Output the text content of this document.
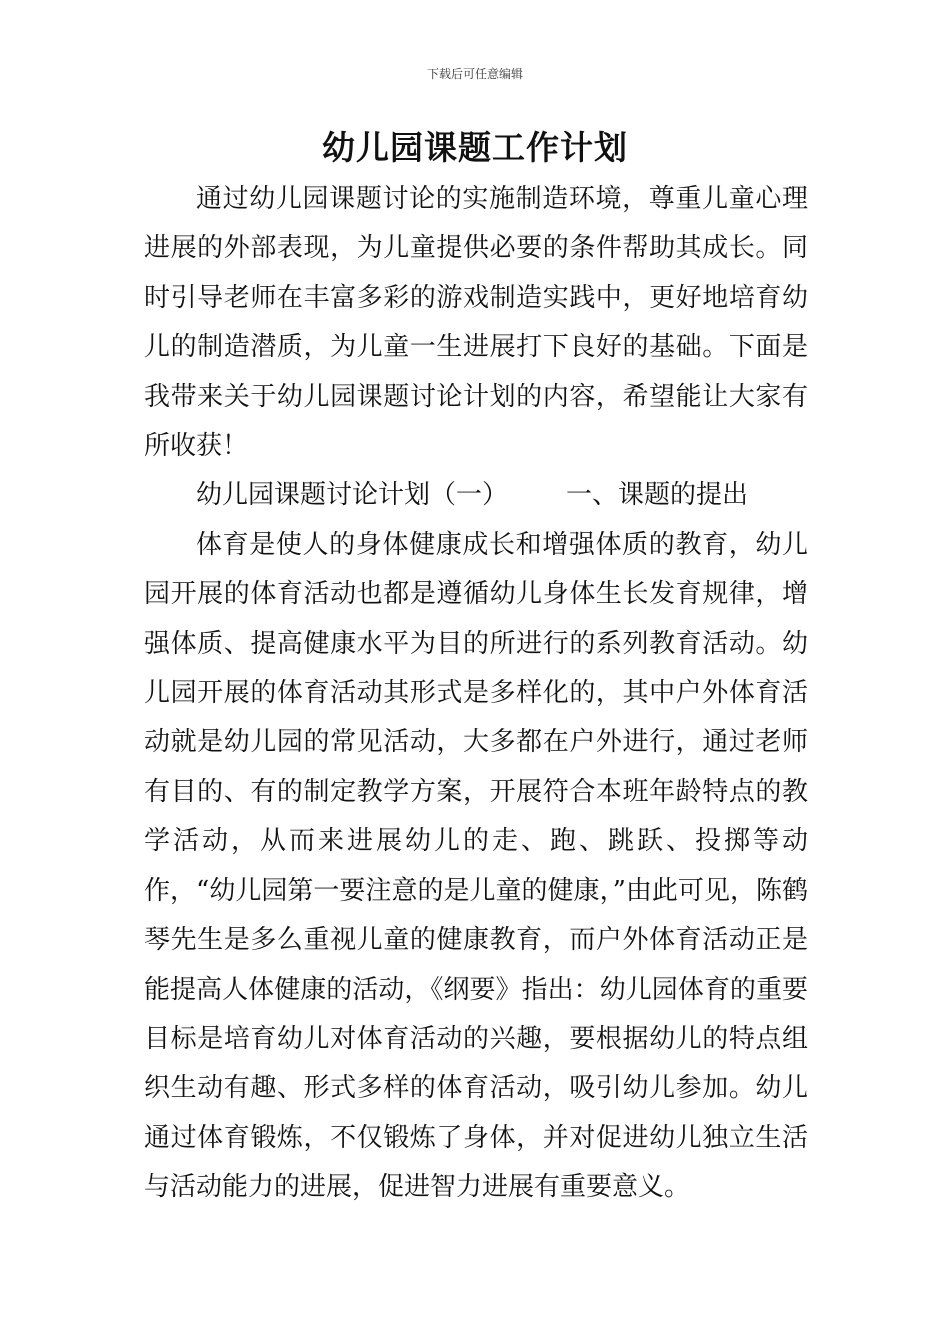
下载后可任意编辑
幼儿园课题工作计划

通过幼儿园课题讨论的实施制造环境，尊重儿童心理进展的外部表现，为儿童提供必要的条件帮助其成长。同时引导老师在丰富多彩的游戏制造实践中，更好地培育幼儿的制造潜质，为儿童一生进展打下良好的基础。下面是我带来关于幼儿园课题讨论计划的内容，希望能让大家有所收获！

幼儿园课题讨论计划（一） 一、课题的提出

体育是使人的身体健康成长和增强体质的教育，幼儿园开展的体育活动也都是遵循幼儿身体生长发育规律，增强体质、提高健康水平为目的所进行的系列教育活动。幼儿园开展的体育活动其形式是多样化的，其中户外体育活动就是幼儿园的常见活动，大多都在户外进行，通过老师有目的、有的制定教学方案，开展符合本班年龄特点的教学活动，从而来进展幼儿的走、跑、跳跃、投掷等动作，“幼儿园第一要注意的是儿童的健康，”由此可见，陈鹤琴先生是多么重视儿童的健康教育，而户外体育活动正是能提高人体健康的活动，《纲要》指出：幼儿园体育的重要目标是培育幼儿对体育活动的兴趣，要根据幼儿的特点组织生动有趣、形式多样的体育活动，吸引幼儿参加。幼儿通过体育锻炼，不仅锻炼了身体，并对促进幼儿独立生活与活动能力的进展，促进智力进展有重要意义。
